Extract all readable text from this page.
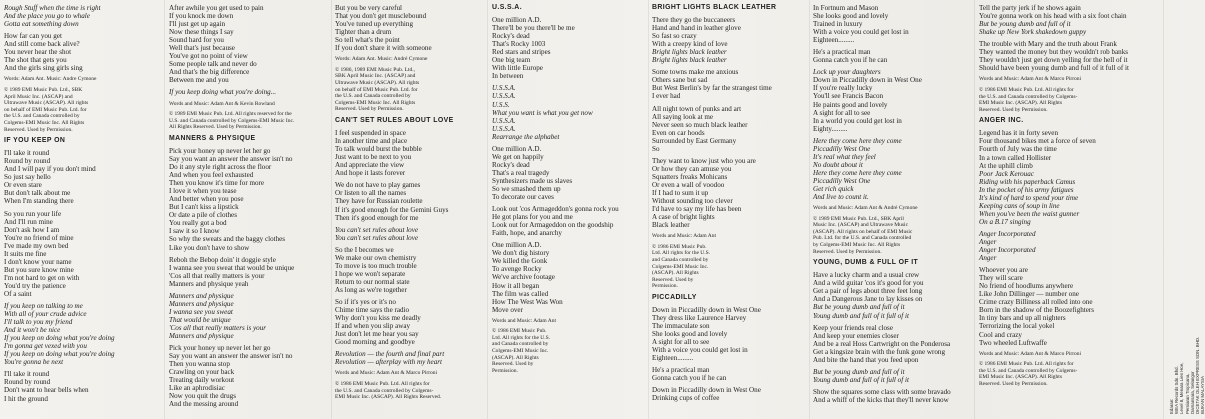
Rough Stuff when the time is right
And the place you go to whale
Gotta eat something down
How far can you get
And still come back alive?
You never hear the shot
The shot that gets you
And the girls sing girls sing
Words: Adam Ant. Music: Andre Cymone
© 1989 EMI Music Pub. Ltd., SBK
April Music Inc. (ASCAP) and
Ultrawave Music (ASCAP). All rights
on behalf of EMI Music Pub. Ltd. for
the U.S. and Canada controlled by
Colgems-EMI Music Inc. All Rights
Reserved. Used by Permission.
IF YOU KEEP ON
I'll take it round
Round by round
And I will pay if you don't mind
So just say hello
Or even stare
But don't talk about me
When I'm standing there
So you run your life
And I'll run mine
Don't ask how I am
You're no friend of mine
I've made my own bed
It suits me fine
I don't know your name
But you sure know mine
I'm not hard to get on with
You'd try the patience
Of a saint
If you keep on talking to me
With all of your crude advice
I'll talk to you my friend
And it won't be nice
If you keep on doing what you're doing
I'm gonna get vexed with you
If you keep on doing what you're doing
You're gonna be next
I'll take it round
Round by round
Don't want to hear bells when
I hit the ground
After awhile you get used to pain
If you knock me down
I'll just get up again
Now these things I say
Sound hard for you
Well that's just because
You've got no point of view
Some people talk and never do
And that's the big difference
Between me and you
If you keep doing what you're doing...
Words and Music: Adam Ant & Kevin Rowland
© 1989 EMI Music Pub. Ltd. All rights reserved for the
U.S. and Canada controlled by Colgems-EMI Music Inc.
All Rights Reserved. Used by Permission.
MANNERS & PHYSIQUE
Pick your honey up never let her go
Say you want an answer the answer isn't no
Do it any style right across the floor
And when you feel exhausted
Then you know it's time for more
I love it when you tease
And better when you pose
But I can't kiss a lipstick
Or date a pile of clothes
You really got a bod
I saw it so I know
So why the sweats and the baggy clothes
Like you don't have to show
Reboh the Bebop doin' it doggie style
I wanna see you sweat that would be unique
'Cos all that really matters is your
Manners and physique yeah
Manners and physique
Manners and physique
I wanna see you sweat
That would be unique
'Cos all that really matters is your
Manners and physique
Pick your honey up never let her go
Say you want an answer the answer isn't no
Then you wanna stop
Crawling on your back
Treating daily workout
Like an aphrodisiac
Now you quit the drugs
And the messing around
But you be very careful
That you don't get musclebound
You've tuned up everything
Tighter than a drum
So tell what's the point
If you don't share it with someone
Words: Adam Ant. Music: André Cymone
© 1986, 1989 EMI Music Pub. Ltd.,
SBK April Music Inc. (ASCAP) and
Ultrawave Music (ASCAP). All rights
on behalf of EMI Music Pub. Ltd. for
the U.S. and Canada controlled by
Colgems-EMI Music Inc. All Rights
Reserved. Used by Permission.
CAN'T SET RULES ABOUT LOVE
I feel suspended in space
In another time and place
To talk would burst the bubble
Just want to be next to you
And appreciate the view
And hope it lasts forever
We do not have to play games
Or listen to all the names
They have for Russian roulette
If it's good enough for the Gemini Guys
Then it's good enough for me
You can't set rules about love
You can't set rules about love
So the I becomes we
We make our own chemistry
To move is too much trouble
I hope we won't separate
Return to our normal state
As long as we're together
So if it's yes or it's no
Chime time says the radio
Why don't you kiss me deadly
If and when you slip away
Just don't let me hear you say
Good morning and goodbye
Revolution — the fourth and final part
Revolution — afterplay with my heart
Words and Music: Adam Ant & Marco Pirroni
© 1986 EMI Music Pub. Ltd. All rights for
the U.S. and Canada controlled by Colgems-
EMI Music Inc. (ASCAP). All Rights Reserved.
U.S.S.A.
One million A.D.
There'll be you there'll be me
Rocky's dead
That's Rocky 1003
Red stars and stripes
One big team
With little Europe
In between
U.S.S.A.
U.S.S.A.
U.S.S.
What you want is what you get now
U.S.S.A.
U.S.S.A.
Rearrange the alphabet
One million A.D.
We get on happily
Rocky's dead
That's a real tragedy
Synthesizers made us slaves
So we smashed them up
To decorate our caves
Look out 'cos Armageddon's gonna rock you
He got plans for you and me
Look out for Armageddon on the goodship
Faith, hope, and anarchy
One million A.D.
We don't dig history
We killed the Gonk
To avenge Rocky
We've archive footage
How it all began
The film was called
How The West Was Won
Move over
Words and Music: Adam Ant
© 1986 EMI Music Pub.
Ltd. All rights for the U.S.
and Canada controlled by
Colgems-EMI Music Inc.
(ASCAP). All Rights
Reserved. Used by
Permission.
BRIGHT LIGHTS BLACK LEATHER
There they go the buccaneers
Hand and hand in leather glove
So fast so crazy
With a creepy kind of love
Bright lights black leather
Bright lights black leather
Some towns make me anxious
Others sane but sad
But West Berlin's by far the strangest time
I ever had
All night town of punks and art
All saying look at me
Never seen so much black leather
Even on car hoods
Surrounded by East Germany
So
They want to know just who you are
Or how they can amuse you
Squatters freaks Mohicans
Or even a wall of voodoo
If I had to sum it up
Without sounding too clever
I'd have to say my life has been
A case of bright lights
Black leather
Words and Music: Adam Ant
© 1986 EMI Music Pub.
Ltd. All rights for the U.S.
and Canada controlled by
Colgems-EMI Music Inc.
(ASCAP). All Rights
Reserved. Used by
Permission.
PICCADILLY
Down in Piccadilly down in West One
They dress like Laurence Harvey
The immaculate son
She looks good and lovely
A sight for all to see
With a voice you could get lost in
Eighteen.........
He's a practical man
Gonna catch you if he can
Down in Piccadilly down in West One
Drinking cups of coffee
In Fortnum and Mason
She looks good and lovely
Trained in luxury
With a voice you could get lost in
Eighteen.........
He's a practical man
Gonna catch you if he can
Lock up your daughters
Down in Piccadilly down in West One
If you're really lucky
You'll see Francis Bacon
He paints good and lovely
A sight for all to see
In a world you could get lost in
Eighty.........
Here they come here they come
Piccadilly West One
It's real what they feel
No doubt about it
Here they come here they come
Piccadilly West One
Get rich quick
And live to count it.
Words and Music: Adam Ant & André Cymone
© 1989 EMI Music Pub. Ltd., SBK April
Music Inc. (ASCAP) and Ultrawave Music
(ASCAP). All rights on behalf of EMI Music
Pub. Ltd. for the U.S. and Canada controlled
by Colgems-EMI Music Inc. All Rights
Reserved. Used by Permission.
YOUNG, DUMB & FULL OF IT
Have a lucky charm and a usual crew
And a wild guitar 'cos it's good for you
Get a pair of legs about three feet long
And a Dangerous Jane to lay kisses on
But be young dumb and full of it
Young dumb and full of it full of it
Keep your friends real close
And keep your enemies closer
And be a real Hoss Cartwright on the Ponderosa
Get a kingsize brain with the funk gone wrong
And bite the hand that you feed upon
But be young dumb and full of it
Young dumb and full of it full of it
Show the squares some class with some bravado
And a whiff of the kicks that they'll never know
Tell the party jerk if he shows again
You're gonna work on his head with a six foot chain
But be young dumb and full of it
Shake up New York shakedown guppy
The trouble with Mary and the truth about Frank
They wanted the money but they wouldn't rob banks
They wouldn't just get down yelling for the hell of it
Should have been young dumb and full of it full of it
Words and Music: Adam Ant & Marco Pirroni
© 1986 EMI Music Pub. Ltd. All rights for
the U.S. and Canada controlled by Colgems-
EMI Music Inc. (ASCAP). All Rights
Reserved. Used by Permission.
ANGER INC.
Legend has it in forty seven
Four thousand bikes met a force of seven
Fourth of July was the time
In a town called Hollister
At the uphill climb
Poor Jack Kerouac
Riding with his paperback Camus
In the pocket of his army fatigues
It's kind of hard to spend your time
Keeping cans of soup in line
When you've been the waist gunner
On a B.17 singing
Anger Incorporated
Anger
Anger Incorporated
Anger
Whoever you are
They will scare
No friend of hoodlums anywhere
Like John Dillinger — number one
Crime crazy Billiness all rolled into one
Born in the shadow of the Boozefighters
In tiny bars and up all nighters
Terrorizing the local yokel
Cool and crazy
Two wheeled Luftwaffe
Words and Music: Adam Ant & Marco Pirroni
© 1986 EMI Music Pub. Ltd. All rights for
the U.S. and Canada controlled by Colgems-
EMI Music Inc. (ASCAP). All Rights
Reserved. Used by Permission.
Edaran: WEA Records Sdn. Bhd. Level 8, Menara Lien Hoe, Persiaran Tropicana, Damansara, Selangor DICETAK OLEH EXPRESS SDN. BHD. BUKAN MALAYSIA
